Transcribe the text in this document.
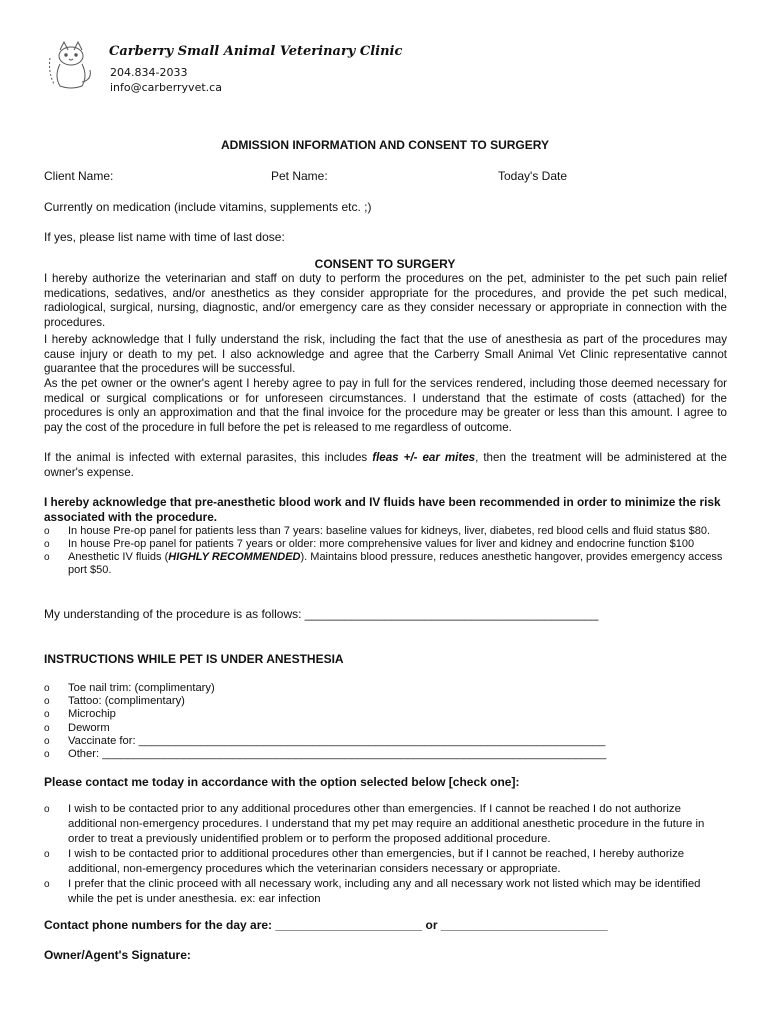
Carberry Small Animal Veterinary Clinic
204.834-2033
info@carberryvet.ca
ADMISSION INFORMATION AND CONSENT TO SURGERY
Client Name:	Pet Name:	Today's Date
Currently on medication (include vitamins, supplements etc. ;)
If yes, please list name with time of last dose:
CONSENT TO SURGERY
I hereby authorize the veterinarian and staff on duty to perform the procedures on the pet, administer to the pet such pain relief medications, sedatives, and/or anesthetics as they consider appropriate for the procedures, and provide the pet such medical, radiological, surgical, nursing, diagnostic, and/or emergency care as they consider necessary or appropriate in connection with the procedures.
I hereby acknowledge that I fully understand the risk, including the fact that the use of anesthesia as part of the procedures may cause injury or death to my pet. I also acknowledge and agree that the Carberry Small Animal Vet Clinic representative cannot guarantee that the procedures will be successful.
As the pet owner or the owner's agent I hereby agree to pay in full for the services rendered, including those deemed necessary for medical or surgical complications or for unforeseen circumstances. I understand that the estimate of costs (attached) for the procedures is only an approximation and that the final invoice for the procedure may be greater or less than this amount. I agree to pay the cost of the procedure in full before the pet is released to me regardless of outcome.
If the animal is infected with external parasites, this includes fleas +/- ear mites, then the treatment will be administered at the owner's expense.
I hereby acknowledge that pre-anesthetic blood work and IV fluids have been recommended in order to minimize the risk associated with the procedure.
o In house Pre-op panel for patients less than 7 years: baseline values for kidneys, liver, diabetes, red blood cells and fluid status $80.
o In house Pre-op panel for patients 7 years or older: more comprehensive values for liver and kidney and endocrine function $100
o Anesthetic IV fluids (HIGHLY RECOMMENDED). Maintains blood pressure, reduces anesthetic hangover, provides emergency access port $50.
My understanding of the procedure is as follows: ____________________________________________
INSTRUCTIONS WHILE PET IS UNDER ANESTHESIA
o Toe nail trim: (complimentary)
o Tattoo: (complimentary)
o Microchip
o Deworm
o Vaccinate for: ___________________________________________________________________________
o Other: _________________________________________________________________________________
Please contact me today in accordance with the option selected below [check one]:
o I wish to be contacted prior to any additional procedures other than emergencies. If I cannot be reached I do not authorize additional non-emergency procedures. I understand that my pet may require an additional anesthetic procedure in the future in order to treat a previously unidentified problem or to perform the proposed additional procedure.
o I wish to be contacted prior to additional procedures other than emergencies, but if I cannot be reached, I hereby authorize additional, non-emergency procedures which the veterinarian considers necessary or appropriate.
o I prefer that the clinic proceed with all necessary work, including any and all necessary work not listed which may be identified while the pet is under anesthesia. ex: ear infection
Contact phone numbers for the day are: ______________________ or _________________________
Owner/Agent's Signature:
